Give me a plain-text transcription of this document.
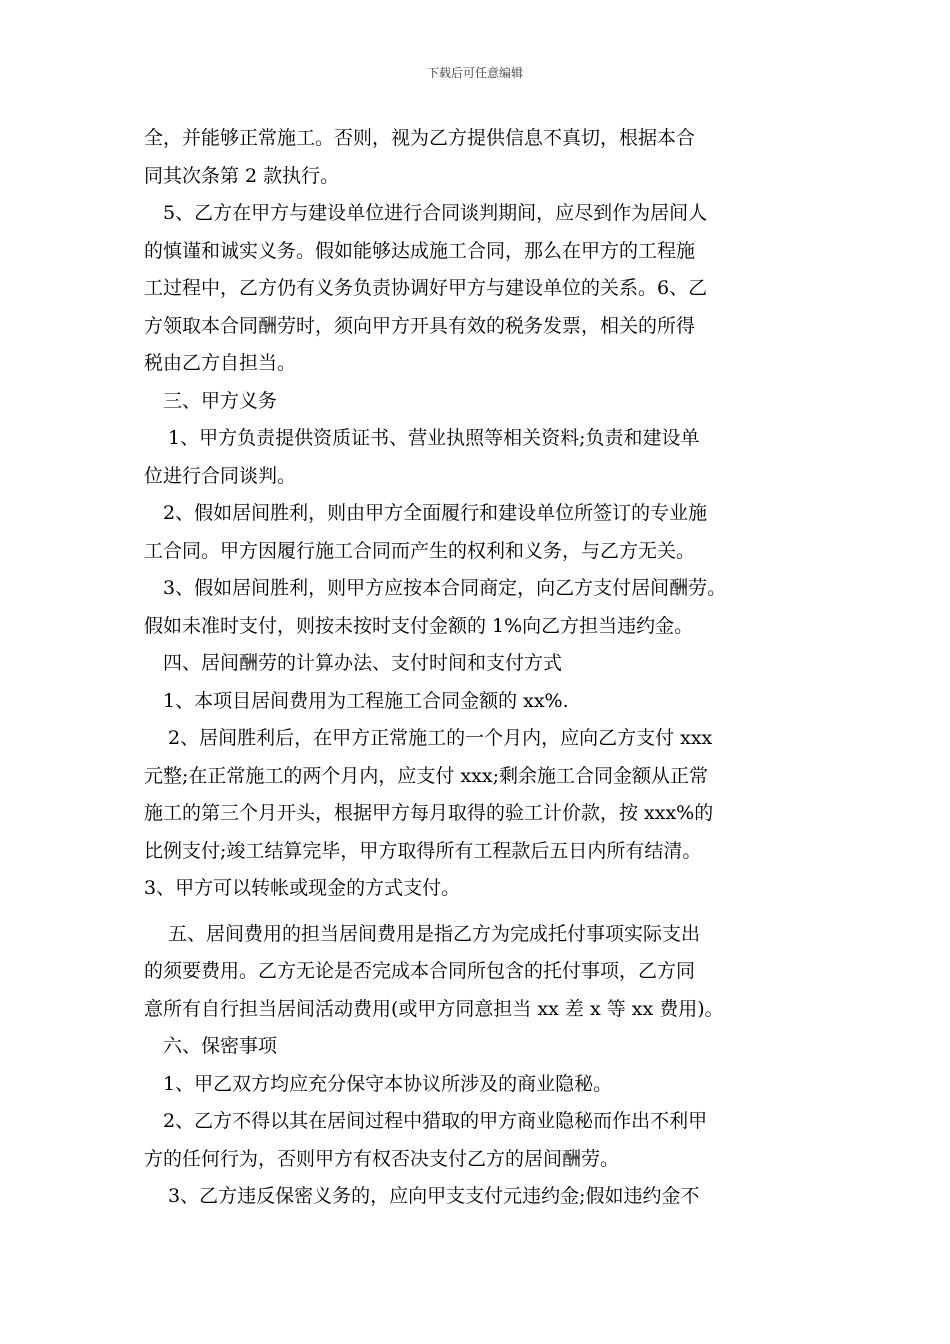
下载后可任意编辑
全，并能够正常施工。否则，视为乙方提供信息不真切，根据本合
同其次条第 2 款执行。
5、乙方在甲方与建设单位进行合同谈判期间，应尽到作为居间人
的慎谨和诚实义务。假如能够达成施工合同，那么在甲方的工程施
工过程中，乙方仍有义务负责协调好甲方与建设单位的关系。6、乙
方领取本合同酬劳时，须向甲方开具有效的税务发票，相关的所得
税由乙方自担当。
三、甲方义务
1、甲方负责提供资质证书、营业执照等相关资料;负责和建设单
位进行合同谈判。
2、假如居间胜利，则由甲方全面履行和建设单位所签订的专业施
工合同。甲方因履行施工合同而产生的权利和义务，与乙方无关。
3、假如居间胜利，则甲方应按本合同商定，向乙方支付居间酬劳。
假如未准时支付，则按未按时支付金额的 1%向乙方担当违约金。
四、居间酬劳的计算办法、支付时间和支付方式
1、本项目居间费用为工程施工合同金额的 xx%.
2、居间胜利后，在甲方正常施工的一个月内，应向乙方支付 xxx
元整;在正常施工的两个月内，应支付 xxx;剩余施工合同金额从正常
施工的第三个月开头，根据甲方每月取得的验工计价款，按 xxx%的
比例支付;竣工结算完毕，甲方取得所有工程款后五日内所有结清。
3、甲方可以转帐或现金的方式支付。
五、居间费用的担当居间费用是指乙方为完成托付事项实际支出
的须要费用。乙方无论是否完成本合同所包含的托付事项，乙方同
意所有自行担当居间活动费用(或甲方同意担当 xx 差 x 等 xx 费用)。
六、保密事项
1、甲乙双方均应充分保守本协议所涉及的商业隐秘。
2、乙方不得以其在居间过程中猎取的甲方商业隐秘而作出不利甲
方的任何行为，否则甲方有权否决支付乙方的居间酬劳。
3、乙方违反保密义务的，应向甲支支付元违约金;假如违约金不
